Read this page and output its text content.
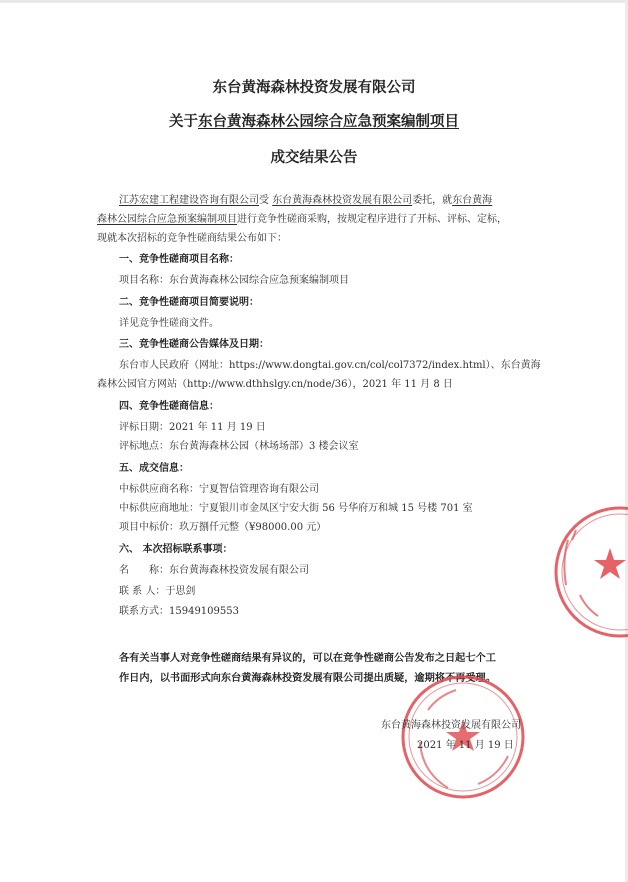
东台黄海森林投资发展有限公司
关于东台黄海森林公园综合应急预案编制项目
成交结果公告
江苏宏建工程建设咨询有限公司受 东台黄海森林投资发展有限公司委托，就东台黄海
森林公园综合应急预案编制项目进行竞争性磋商采购，按规定程序进行了开标、评标、定标，
现就本次招标的竞争性磋商结果公布如下：
一、竞争性磋商项目名称：
项目名称：东台黄海森林公园综合应急预案编制项目
二、竞争性磋商项目简要说明：
详见竞争性磋商文件。
三、竞争性磋商公告媒体及日期：
东台市人民政府（网址：https://www.dongtai.gov.cn/col/col7372/index.html）、东台黄海
森林公园官方网站（http://www.dthhslgy.cn/node/36），2021 年 11 月 8 日
四、竞争性磋商信息：
评标日期：2021 年 11 月 19 日
评标地点：东台黄海森林公园（林场场部）3 楼会议室
五、成交信息：
中标供应商名称：宁夏智信管理咨询有限公司
中标供应商地址：宁夏银川市金凤区宁安大街 56 号华府万和城 15 号楼 701 室
项目中标价：玖万捌仟元整（¥98000.00 元）
六、 本次招标联系事项：
名　　称：东台黄海森林投资发展有限公司
联 系 人：于思剑
联系方式：15949109553
各有关当事人对竞争性磋商结果有异议的，可以在竞争性磋商公告发布之日起七个工
作日内，以书面形式向东台黄海森林投资发展有限公司提出质疑，逾期将不再受理。
东台黄海森林投资发展有限公司
2021 年 11 月 19 日
